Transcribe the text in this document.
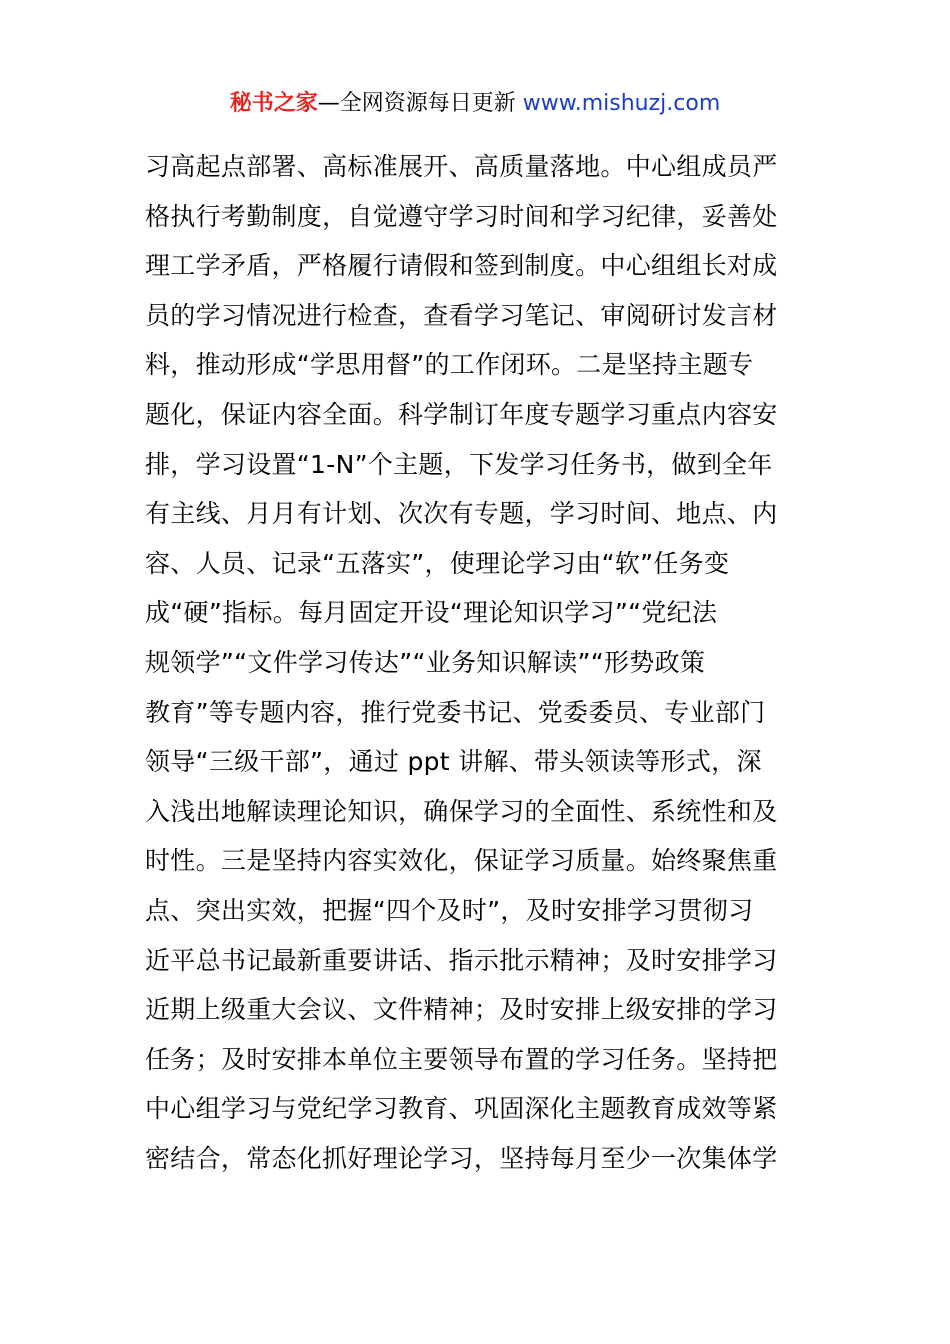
秘书之家—全网资源每日更新 www.mishuzj.com
习高起点部署、高标准展开、高质量落地。中心组成员严
格执行考勤制度，自觉遵守学习时间和学习纪律，妥善处
理工学矛盾，严格履行请假和签到制度。中心组组长对成
员的学习情况进行检查，查看学习笔记、审阅研讨发言材
料，推动形成“学思用督”的工作闭环。二是坚持主题专
题化，保证内容全面。科学制订年度专题学习重点内容安
排，学习设置“1-N”个主题，下发学习任务书，做到全年
有主线、月月有计划、次次有专题，学习时间、地点、内
容、人员、记录“五落实”，使理论学习由“软”任务变
成“硬”指标。每月固定开设“理论知识学习”“党纪法
规领学”“文件学习传达”“业务知识解读”“形势政策
教育”等专题内容，推行党委书记、党委委员、专业部门
领导“三级干部”，通过 ppt 讲解、带头领读等形式，深
入浅出地解读理论知识，确保学习的全面性、系统性和及
时性。三是坚持内容实效化，保证学习质量。始终聚焦重
点、突出实效，把握“四个及时”，及时安排学习贯彻习
近平总书记最新重要讲话、指示批示精神；及时安排学习
近期上级重大会议、文件精神；及时安排上级安排的学习
任务；及时安排本单位主要领导布置的学习任务。坚持把
中心组学习与党纪学习教育、巩固深化主题教育成效等紧
密结合，常态化抓好理论学习，坚持每月至少一次集体学
